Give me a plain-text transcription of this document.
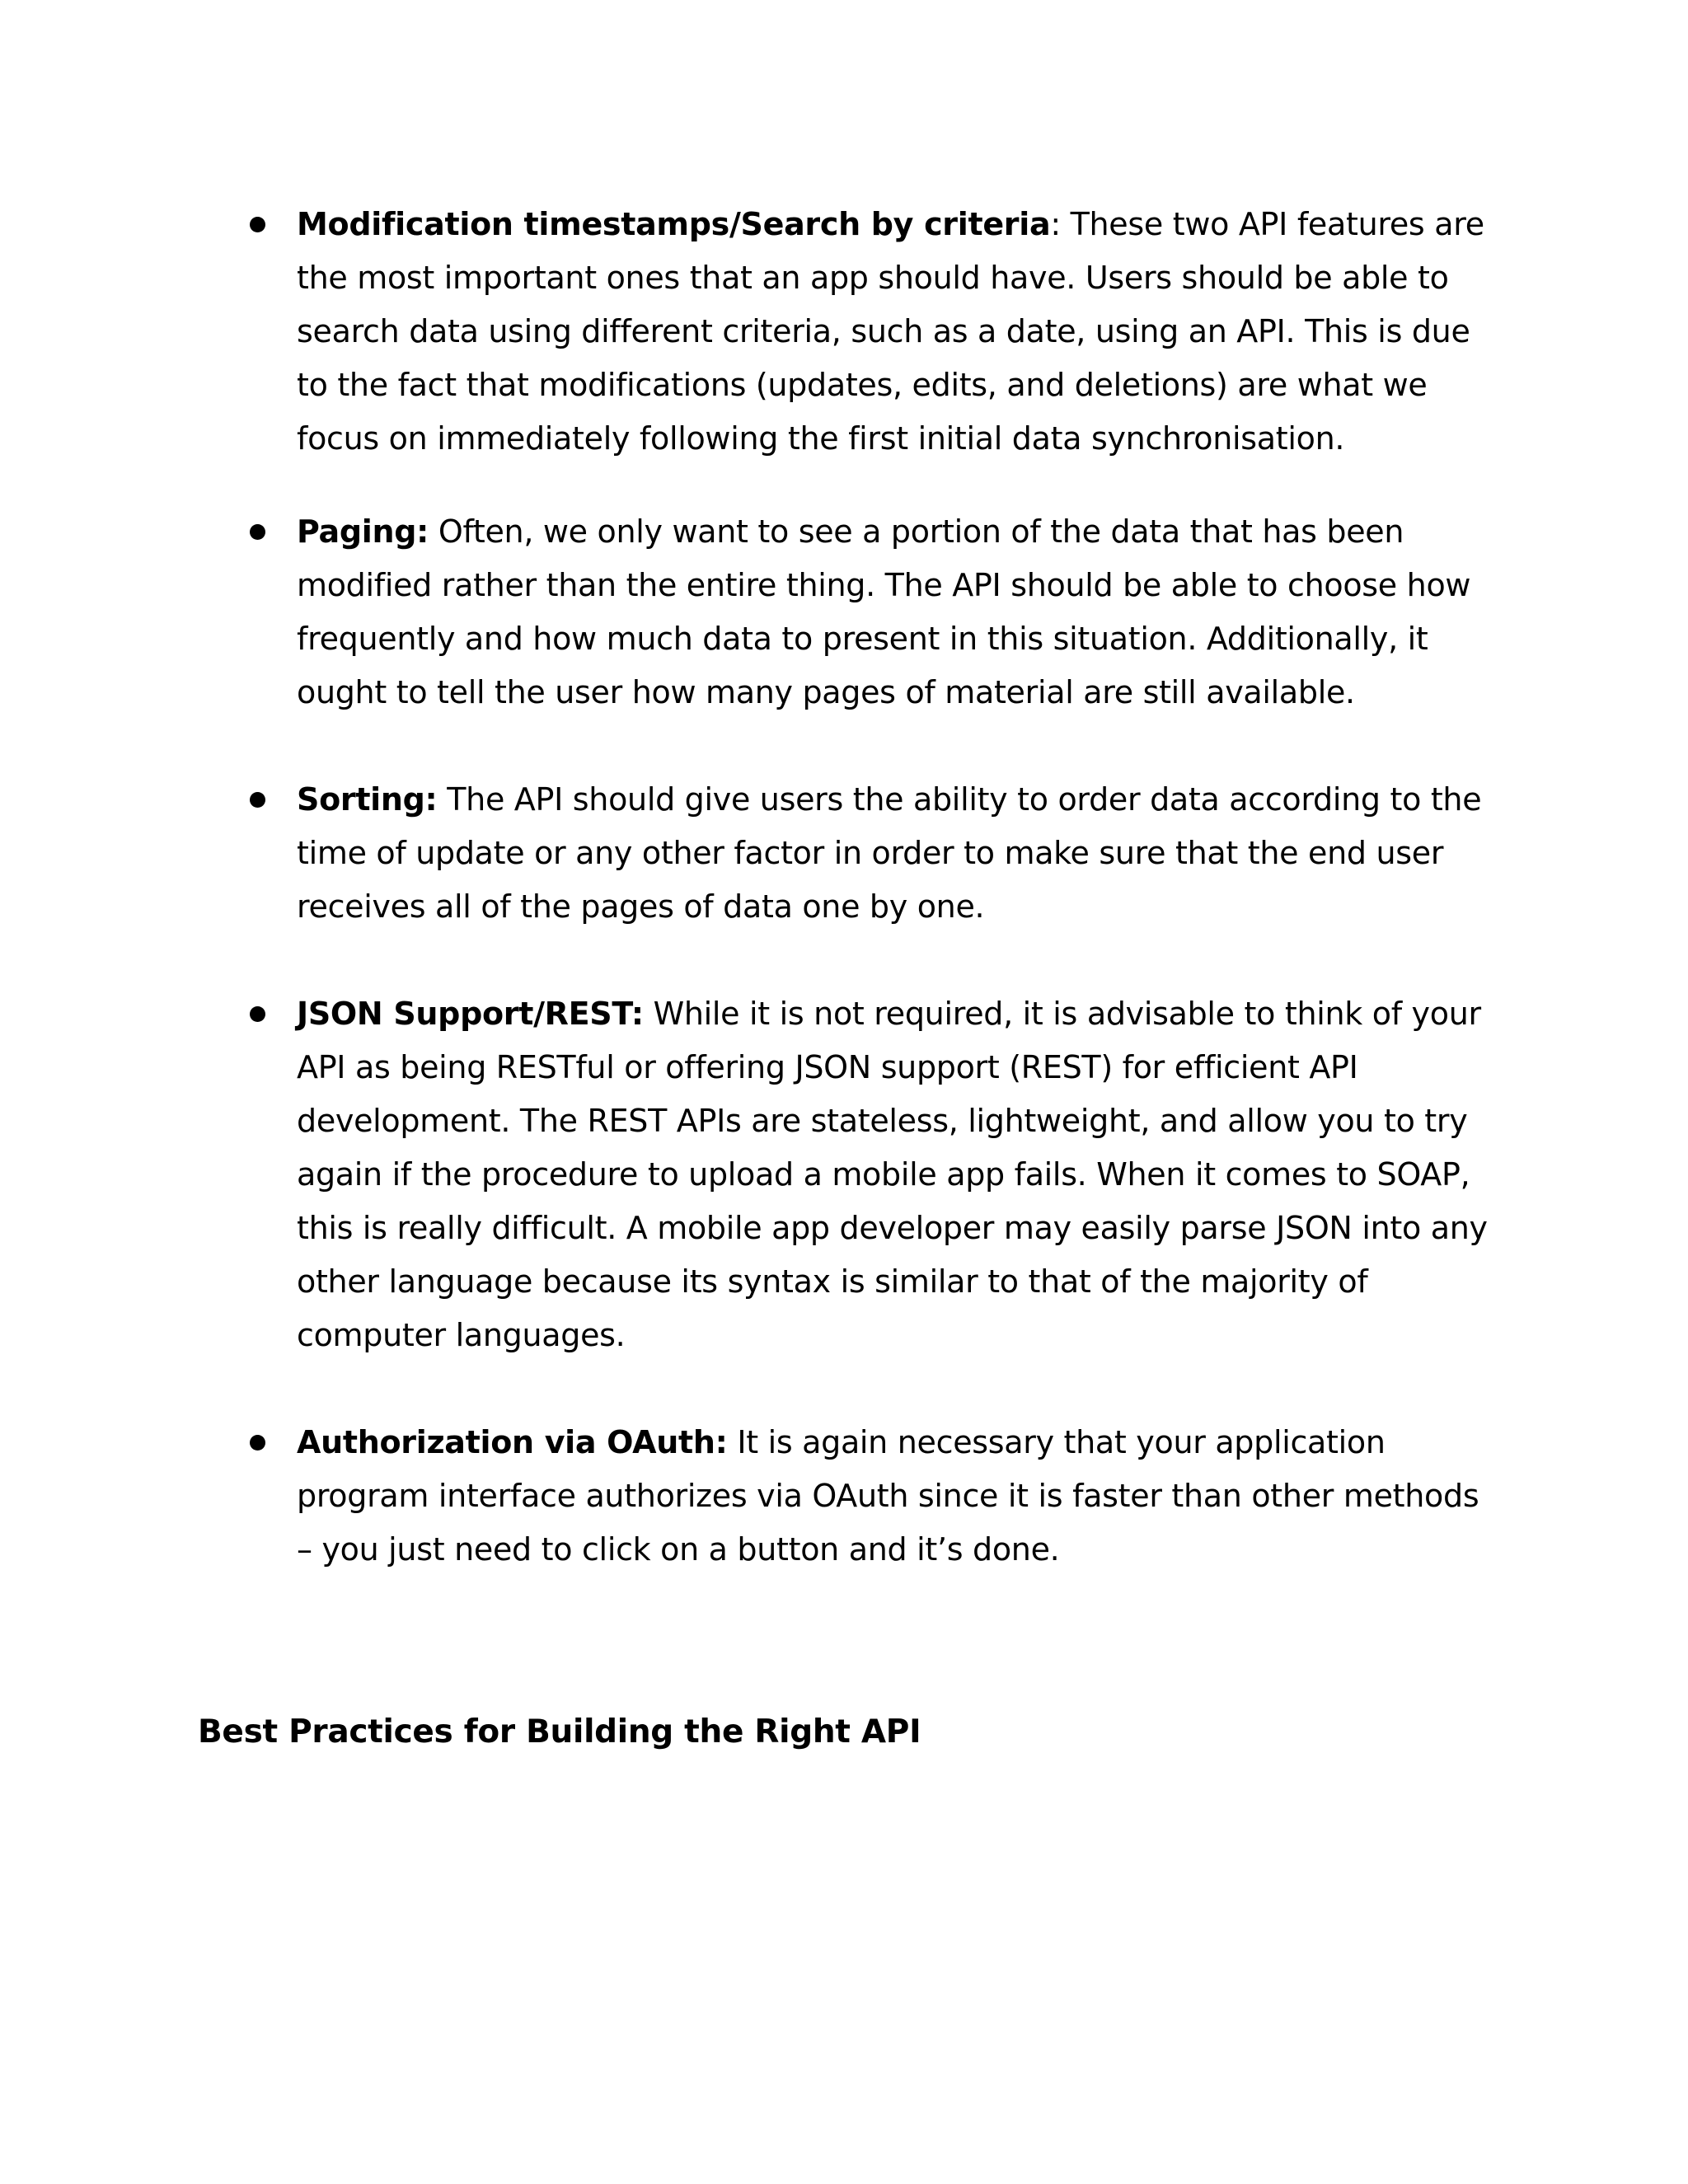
Modification timestamps/Search by criteria: These two API features are the most important ones that an app should have. Users should be able to search data using different criteria, such as a date, using an API. This is due to the fact that modifications (updates, edits, and deletions) are what we focus on immediately following the first initial data synchronisation.
Paging: Often, we only want to see a portion of the data that has been modified rather than the entire thing. The API should be able to choose how frequently and how much data to present in this situation. Additionally, it ought to tell the user how many pages of material are still available.
Sorting: The API should give users the ability to order data according to the time of update or any other factor in order to make sure that the end user receives all of the pages of data one by one.
JSON Support/REST: While it is not required, it is advisable to think of your API as being RESTful or offering JSON support (REST) for efficient API development. The REST APIs are stateless, lightweight, and allow you to try again if the procedure to upload a mobile app fails. When it comes to SOAP, this is really difficult. A mobile app developer may easily parse JSON into any other language because its syntax is similar to that of the majority of computer languages.
Authorization via OAuth: It is again necessary that your application program interface authorizes via OAuth since it is faster than other methods – you just need to click on a button and it’s done.
Best Practices for Building the Right API
